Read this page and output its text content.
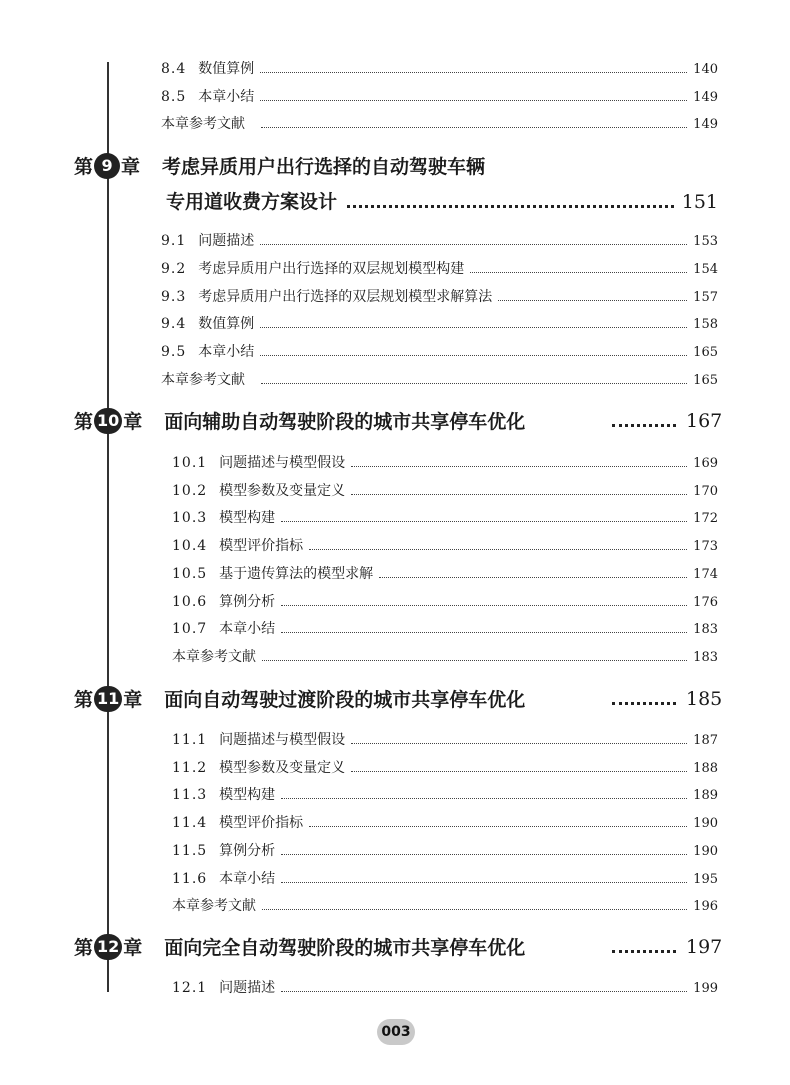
8.4 数值算例	140
8.5 本章小结	149
本章参考文献	149
第 9 章 考虑异质用户出行选择的自动驾驶车辆
专用道收费方案设计	151
9.1 问题描述	153
9.2 考虑异质用户出行选择的双层规划模型构建	154
9.3 考虑异质用户出行选择的双层规划模型求解算法	157
9.4 数值算例	158
9.5 本章小结	165
本章参考文献	165
第 10 章 面向辅助自动驾驶阶段的城市共享停车优化	167
10.1 问题描述与模型假设	169
10.2 模型参数及变量定义	170
10.3 模型构建	172
10.4 模型评价指标	173
10.5 基于遗传算法的模型求解	174
10.6 算例分析	176
10.7 本章小结	183
本章参考文献	183
第 11 章 面向自动驾驶过渡阶段的城市共享停车优化	185
11.1 问题描述与模型假设	187
11.2 模型参数及变量定义	188
11.3 模型构建	189
11.4 模型评价指标	190
11.5 算例分析	190
11.6 本章小结	195
本章参考文献	196
第 12 章 面向完全自动驾驶阶段的城市共享停车优化	197
12.1 问题描述	199
003
